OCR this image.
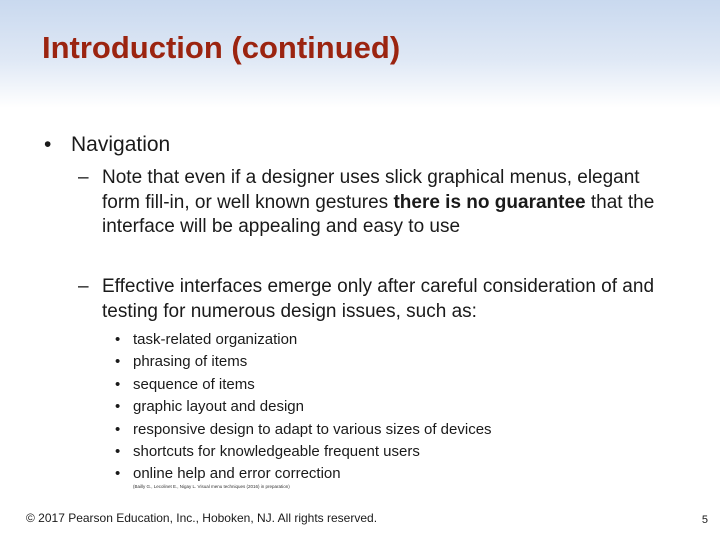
Introduction (continued)
• Navigation
– Note that even if a designer uses slick graphical menus, elegant form fill-in, or well known gestures there is no guarantee that the interface will be appealing and easy to use
– Effective interfaces emerge only after careful consideration of and testing for numerous design issues, such as:
• task-related organization
• phrasing of items
• sequence of items
• graphic layout and design
• responsive design to adapt to various sizes of devices
• shortcuts for knowledgeable frequent users
• online help and error correction
(Bailly G., Lecolinet E., Nigay L. Visual menu techniques (2016) in preparation)
© 2017 Pearson Education, Inc., Hoboken, NJ. All rights reserved.	5
